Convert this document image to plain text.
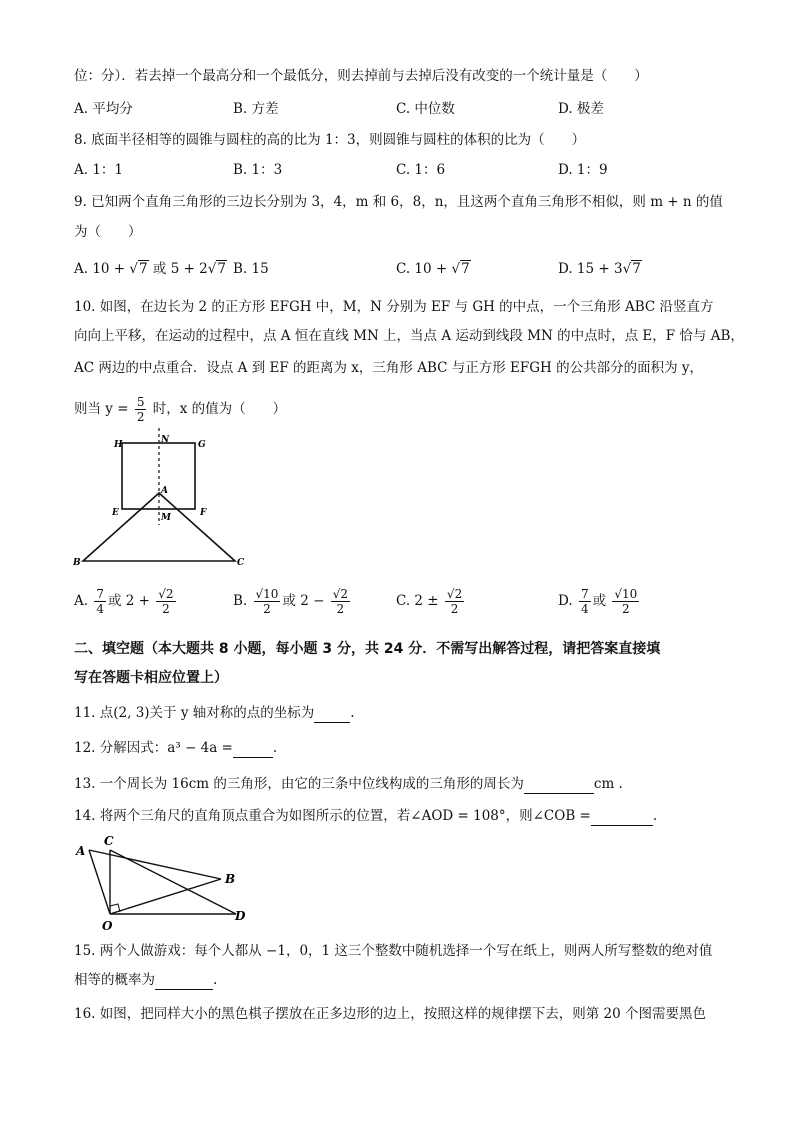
位：分）．若去掉一个最高分和一个最低分，则去掉前与去掉后没有改变的一个统计量是（　　）
A. 平均分	B. 方差	C. 中位数	D. 极差
8. 底面半径相等的圆锥与圆柱的高的比为 1：3，则圆锥与圆柱的体积的比为（　　）
A. 1：1	B. 1：3	C. 1：6	D. 1：9
9. 已知两个直角三角形的三边长分别为 3，4，m 和 6，8，n，且这两个直角三角形不相似，则 m + n 的值
为（　　）
A. 10 + √7 或 5 + 2√7 B. 15	C. 10 + √7	D. 15 + 3√7
10. 如图，在边长为 2 的正方形 EFGH 中，M，N 分别为 EF 与 GH 的中点，一个三角形 ABC 沿竖直方
向向上平移，在运动的过程中，点 A 恒在直线 MN 上，当点 A 运动到线段 MN 的中点时，点 E，F 恰与 AB，
AC 两边的中点重合．设点 A 到 EF 的距离为 x，三角形 ABC 与正方形 EFGH 的公共部分的面积为 y，
则当 $y = \frac{5}{2}$ 时，x 的值为（　　）
H	N	G
A
E	M	F
B	C
A. $\frac{7}{4}$ 或 $2 + \frac{√2}{2}$	B. $\frac{√10}{2}$ 或 $2 - \frac{√2}{2}$	C. $2 \pm \frac{√2}{2}$	D. $\frac{7}{4}$ 或 $\frac{√10}{2}$
二、填空题（本大题共 8 小题，每小题 3 分，共 24 分．不需写出解答过程，请把答案直接填
写在答题卡相应位置上）
11. 点(2, 3)关于 y 轴对称的点的坐标为	.
12. 分解因式：a³ − 4a =	.
13. 一个周长为 16cm 的三角形，由它的三条中位线构成的三角形的周长为	cm .
14. 将两个三角尺的直角顶点重合为如图所示的位置，若∠AOD = 108°，则∠COB =	.
A
C
B
O
D
15. 两个人做游戏：每个人都从 −1，0，1 这三个整数中随机选择一个写在纸上，则两人所写整数的绝对值
相等的概率为	.
16. 如图，把同样大小的黑色棋子摆放在正多边形的边上，按照这样的规律摆下去，则第 20 个图需要黑色
